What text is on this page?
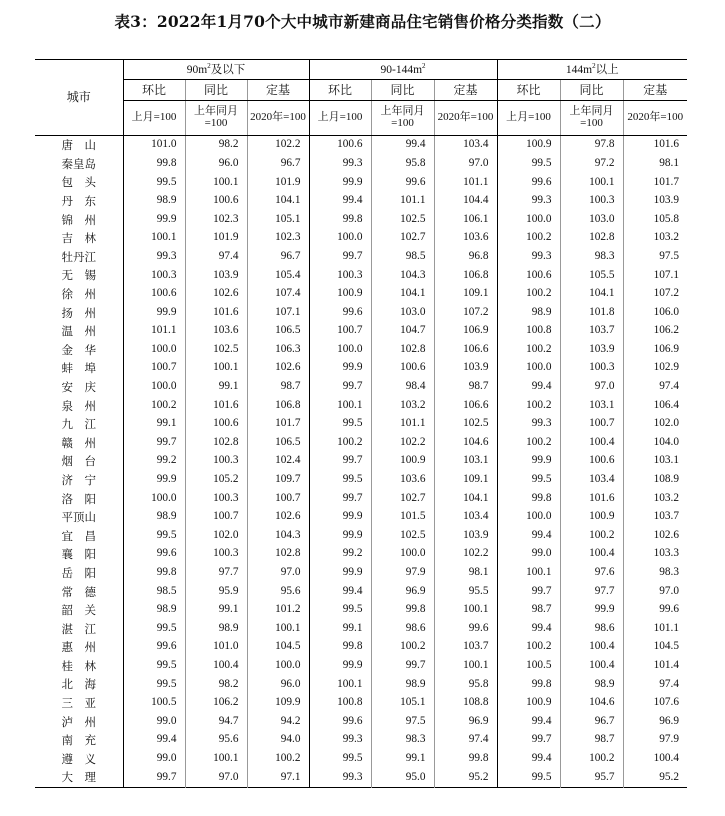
表3：2022年1月70个大中城市新建商品住宅销售价格分类指数（二）
城市	$90m^2$及以下			$90-144m^2$			$144m^2$以上		
	环比	同比	定基	环比	同比	定基	环比	同比	定基
	上月=100	上年同月=100	2020年=100	上月=100	上年同月=100	2020年=100	上月=100	上年同月=100	2020年=100
唐　山	101.0	98.2	102.2	100.6	99.4	103.4	100.9	97.8	101.6
秦皇岛	99.8	96.0	96.7	99.3	95.8	97.0	99.5	97.2	98.1
包　头	99.5	100.1	101.9	99.9	99.6	101.1	99.6	100.1	101.7
丹　东	98.9	100.6	104.1	99.4	101.1	104.4	99.3	100.3	103.9
锦　州	99.9	102.3	105.1	99.8	102.5	106.1	100.0	103.0	105.8
吉　林	100.1	101.9	102.3	100.0	102.7	103.6	100.2	102.8	103.2
牡丹江	99.3	97.4	96.7	99.7	98.5	96.8	99.3	98.3	97.5
无　锡	100.3	103.9	105.4	100.3	104.3	106.8	100.6	105.5	107.1
徐　州	100.6	102.6	107.4	100.9	104.1	109.1	100.2	104.1	107.2
扬　州	99.9	101.6	107.1	99.6	103.0	107.2	98.9	101.8	106.0
温　州	101.1	103.6	106.5	100.7	104.7	106.9	100.8	103.7	106.2
金　华	100.0	102.5	106.3	100.0	102.8	106.6	100.2	103.9	106.9
蚌　埠	100.7	100.1	102.6	99.9	100.6	103.9	100.0	100.3	102.9
安　庆	100.0	99.1	98.7	99.7	98.4	98.7	99.4	97.0	97.4
泉　州	100.2	101.6	106.8	100.1	103.2	106.6	100.2	103.1	106.4
九　江	99.1	100.6	101.7	99.5	101.1	102.5	99.3	100.7	102.0
赣　州	99.7	102.8	106.5	100.2	102.2	104.6	100.2	100.4	104.0
烟　台	99.2	100.3	102.4	99.7	100.9	103.1	99.9	100.6	103.1
济　宁	99.9	105.2	109.7	99.5	103.6	109.1	99.5	103.4	108.9
洛　阳	100.0	100.3	100.7	99.7	102.7	104.1	99.8	101.6	103.2
平顶山	98.9	100.7	102.6	99.9	101.5	103.4	100.0	100.9	103.7
宜　昌	99.5	102.0	104.3	99.9	102.5	103.9	99.4	100.2	102.6
襄　阳	99.6	100.3	102.8	99.2	100.0	102.2	99.0	100.4	103.3
岳　阳	99.8	97.7	97.0	99.9	97.9	98.1	100.1	97.6	98.3
常　德	98.5	95.9	95.6	99.4	96.9	95.5	99.7	97.7	97.0
韶　关	98.9	99.1	101.2	99.5	99.8	100.1	98.7	99.9	99.6
湛　江	99.5	98.9	100.1	99.1	98.6	99.6	99.4	98.6	101.1
惠　州	99.6	101.0	104.5	99.8	100.2	103.7	100.2	100.4	104.5
桂　林	99.5	100.4	100.0	99.9	99.7	100.1	100.5	100.4	101.4
北　海	99.5	98.2	96.0	100.1	98.9	95.8	99.8	98.9	97.4
三　亚	100.5	106.2	109.9	100.8	105.1	108.8	100.9	104.6	107.6
泸　州	99.0	94.7	94.2	99.6	97.5	96.9	99.4	96.7	96.9
南　充	99.4	95.6	94.0	99.3	98.3	97.4	99.7	98.7	97.9
遵　义	99.0	100.1	100.2	99.5	99.1	99.8	99.4	100.2	100.4
大　理	99.7	97.0	97.1	99.3	95.0	95.2	99.5	95.7	95.2
